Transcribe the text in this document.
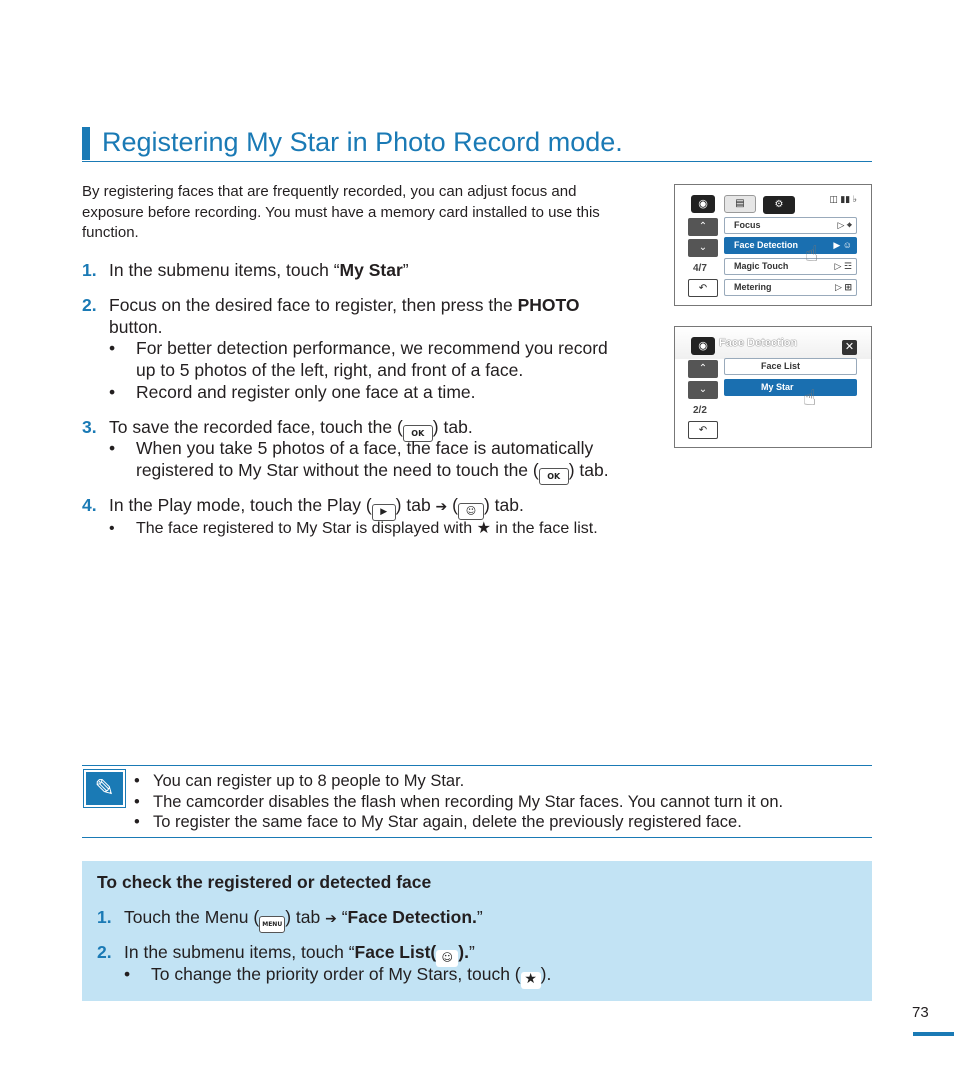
Registering My Star in Photo Record mode.
By registering faces that are frequently recorded, you can adjust focus and exposure before recording. You must have a memory card installed to use this function.
1. In the submenu items, touch “My Star”
2. Focus on the desired face to register, then press the PHOTO
button.
• For better detection performance, we recommend you record
up to 5 photos of the left, right, and front of a face.
• Record and register only one face at a time.
3. To save the recorded face, touch the ( OK ) tab.
• When you take 5 photos of a face, the face is automatically
registered to My Star without the need to touch the ( OK ) tab.
4. In the Play mode, touch the Play ( ▶ ) tab ➔ ( ☺ ) tab.
• The face registered to My Star is displayed with ★ in the face list.
◉	▤	⚙	◫ ▮▮ ♭
⌃
⌄
4/7
↶
Focus	▷ ⌖
Face Detection	▶ ☺
Magic Touch	▷ ☲
Metering	▷ ⊞
☝
◉	Face Detection	✕
⌃
⌄
2/2
↶
Face List
My Star ☝
✎	• You can register up to 8 people to My Star.
• The camcorder disables the flash when recording My Star faces. You cannot turn it on.
• To register the same face to My Star again, delete the previously registered face.
To check the registered or detected face
1. Touch the Menu ( MENU ) tab ➔ “Face Detection.”
2. In the submenu items, touch “Face List( ☺ ).”
• To change the priority order of My Stars, touch ( ★ ).
73
